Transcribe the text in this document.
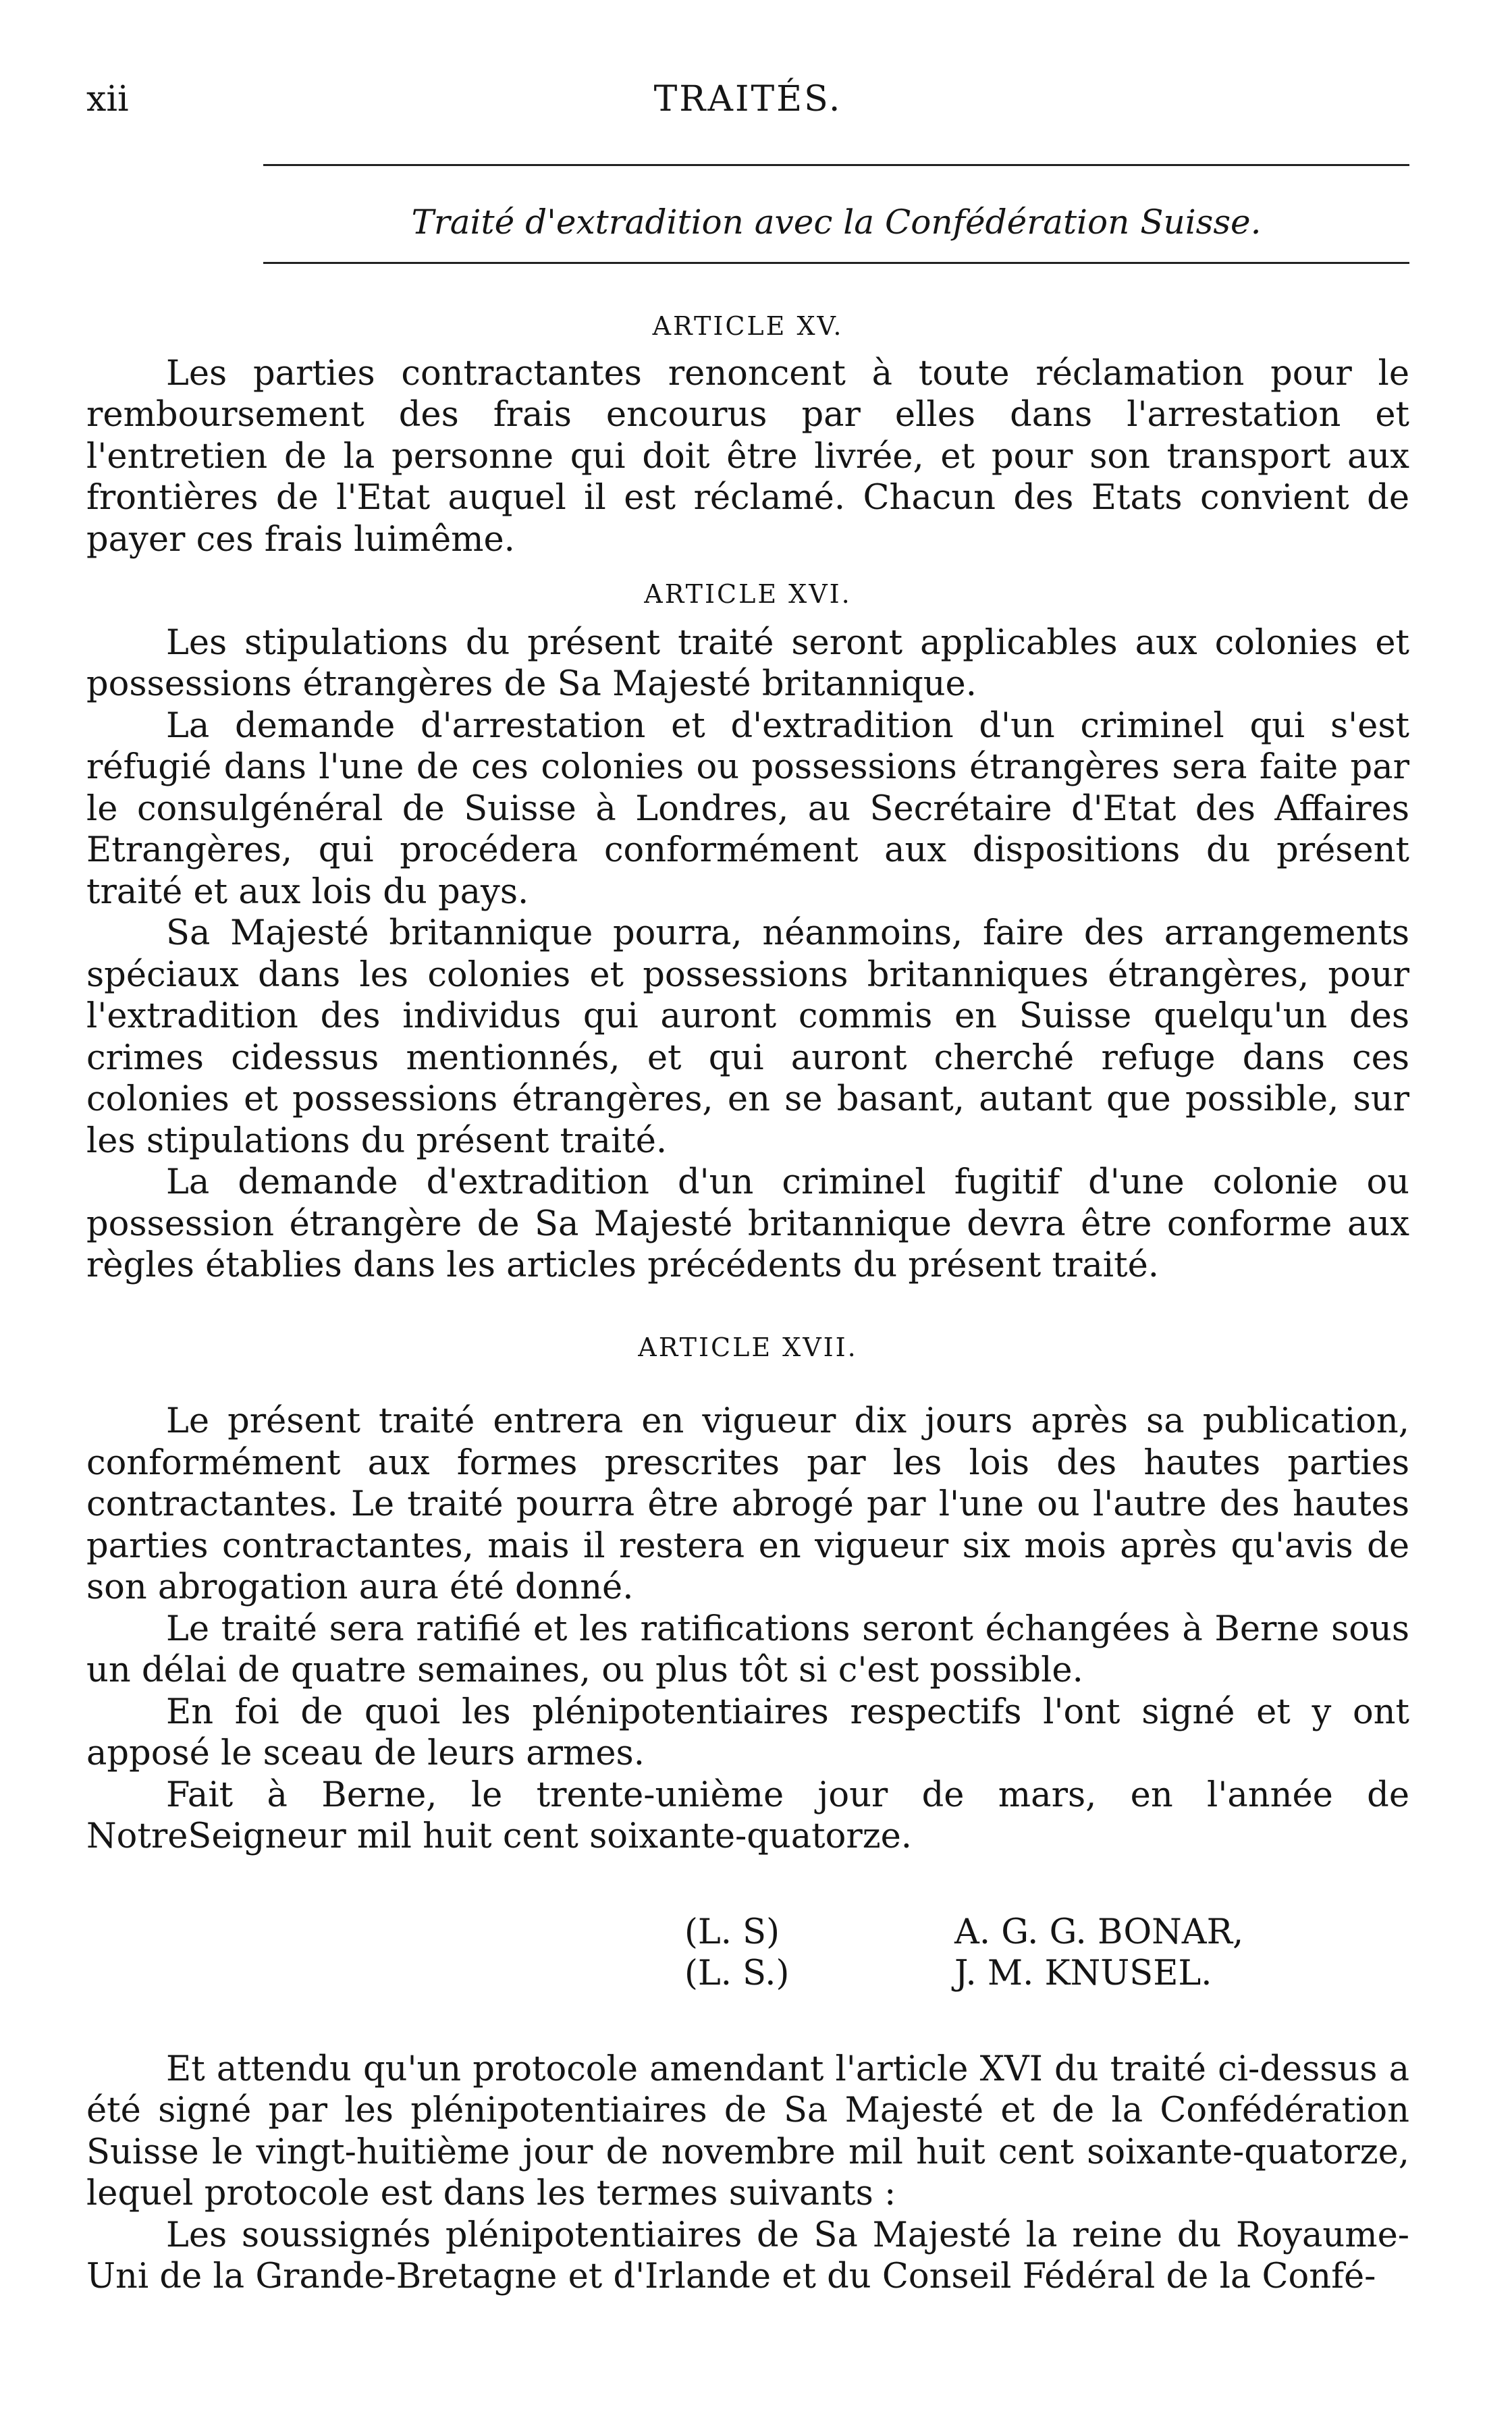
xii	TRAITÉS.
Traité d'extradition avec la Confédération Suisse.

ARTICLE XV.

Les parties contractantes renoncent à toute réclamation pour le remboursement des frais encourus par elles dans l'arrestation et l'entretien de la personne qui doit être livrée, et pour son transport aux frontières de l'Etat auquel il est réclamé. Chacun des Etats convient de payer ces frais luimême.

ARTICLE XVI.

Les stipulations du présent traité seront applicables aux colonies et possessions étrangères de Sa Majesté britannique.

La demande d'arrestation et d'extradition d'un criminel qui s'est réfugié dans l'une de ces colonies ou possessions étrangères sera faite par le consulgénéral de Suisse à Londres, au Secrétaire d'Etat des Affaires Etrangères, qui procédera conformément aux dispositions du présent traité et aux lois du pays.

Sa Majesté britannique pourra, néanmoins, faire des arrangements spéciaux dans les colonies et possessions britanniques étrangères, pour l'extradition des individus qui auront commis en Suisse quelqu'un des crimes cidessus mentionnés, et qui auront cherché refuge dans ces colonies et possessions étrangères, en se basant, autant que possible, sur les stipulations du présent traité.

La demande d'extradition d'un criminel fugitif d'une colonie ou possession étrangère de Sa Majesté britannique devra être conforme aux règles établies dans les articles précédents du présent traité.

ARTICLE XVII.

Le présent traité entrera en vigueur dix jours après sa publication, conformément aux formes prescrites par les lois des hautes parties contractantes. Le traité pourra être abrogé par l'une ou l'autre des hautes parties contractantes, mais il restera en vigueur six mois après qu'avis de son abrogation aura été donné.

Le traité sera ratifié et les ratifications seront échangées à Berne sous un délai de quatre semaines, ou plus tôt si c'est possible.

En foi de quoi les plénipotentiaires respectifs l'ont signé et y ont apposé le sceau de leurs armes.

Fait à Berne, le trente-unième jour de mars, en l'année de NotreSeigneur mil huit cent soixante-quatorze.

(L. S)	A. G. G. BONAR,
(L. S.)	J. M. KNUSEL.

Et attendu qu'un protocole amendant l'article XVI du traité ci-dessus a été signé par les plénipotentiaires de Sa Majesté et de la Confédération Suisse le vingt-huitième jour de novembre mil huit cent soixante-quatorze, lequel protocole est dans les termes suivants :

Les soussignés plénipotentiaires de Sa Majesté la reine du Royaume-Uni de la Grande-Bretagne et d'Irlande et du Conseil Fédéral de la Confé-
